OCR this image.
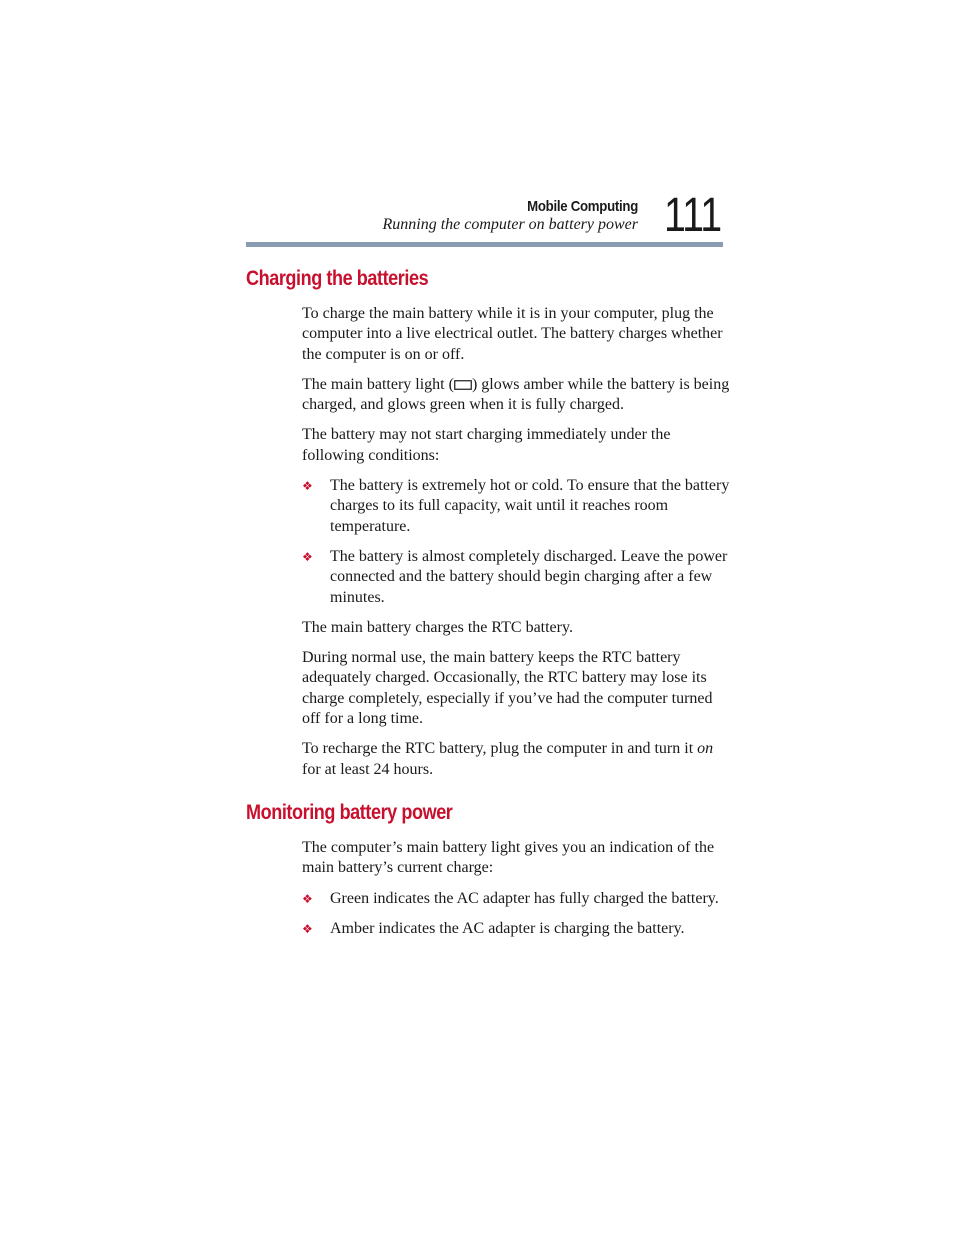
Mobile Computing
Running the computer on battery power 111
Charging the batteries

To charge the main battery while it is in your computer, plug the computer into a live electrical outlet. The battery charges whether the computer is on or off.

The main battery light ( ) glows amber while the battery is being charged, and glows green when it is fully charged.

The battery may not start charging immediately under the following conditions:

❖ The battery is extremely hot or cold. To ensure that the battery charges to its full capacity, wait until it reaches room temperature.
❖ The battery is almost completely discharged. Leave the power connected and the battery should begin charging after a few minutes.

The main battery charges the RTC battery.

During normal use, the main battery keeps the RTC battery adequately charged. Occasionally, the RTC battery may lose its charge completely, especially if you’ve had the computer turned off for a long time.

To recharge the RTC battery, plug the computer in and turn it on for at least 24 hours.

Monitoring battery power

The computer’s main battery light gives you an indication of the main battery’s current charge:

❖ Green indicates the AC adapter has fully charged the battery.
❖ Amber indicates the AC adapter is charging the battery.
